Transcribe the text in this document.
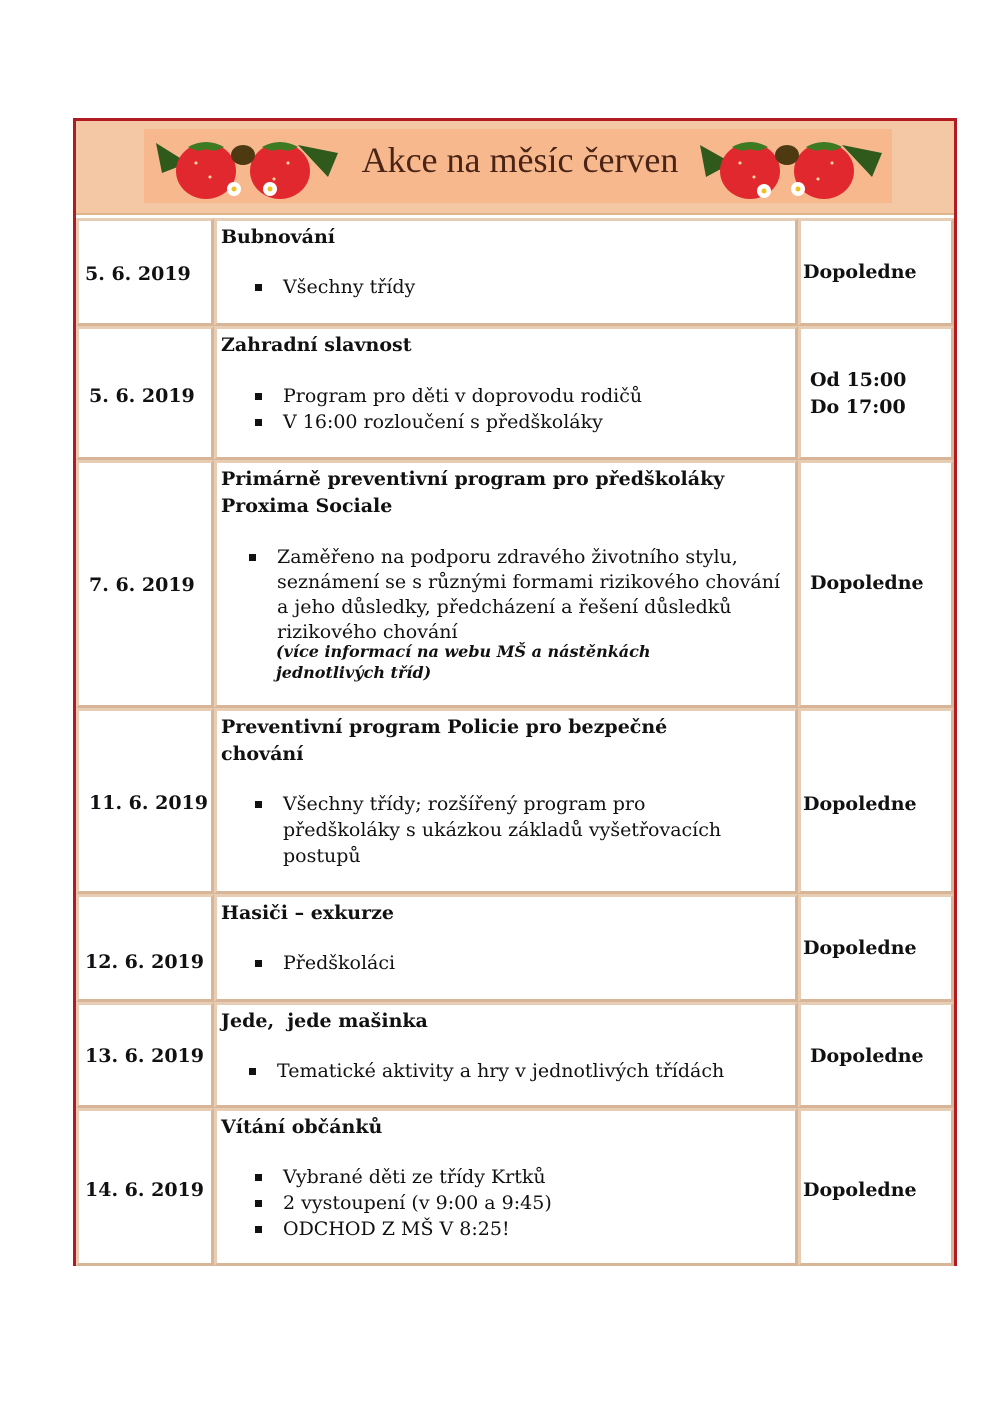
Akce na měsíc červen
5. 6. 2019
Bubnování
Všechny třídy
Dopoledne
5. 6. 2019
Zahradní slavnost
Program pro děti v doprovodu rodičů
V 16:00 rozloučení s předškoláky
Od 15:00
Do 17:00
7. 6. 2019
Primárně preventivní program pro předškoláky
Proxima Sociale
Zaměřeno na podporu zdravého životního stylu,
seznámení se s různými formami rizikového chování
a jeho důsledky, předcházení a řešení důsledků
rizikového chování
(více informací na webu MŠ a nástěnkách
jednotlivých tříd)
Dopoledne
11. 6. 2019
Preventivní program Policie pro bezpečné
chování
Všechny třídy; rozšířený program pro
předškoláky s ukázkou základů vyšetřovacích
postupů
Dopoledne
12. 6. 2019
Hasiči – exkurze
Předškoláci
Dopoledne
13. 6. 2019
Jede,  jede mašinka
Tematické aktivity a hry v jednotlivých třídách
Dopoledne
14. 6. 2019
Vítání občánků
Vybrané děti ze třídy Krtků
2 vystoupení (v 9:00 a 9:45)
ODCHOD Z MŠ V 8:25!
Dopoledne
